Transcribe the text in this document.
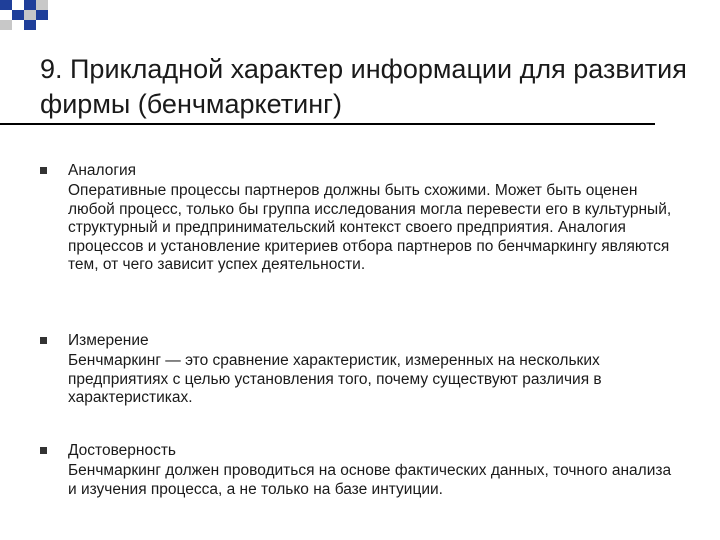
9. Прикладной характер информации для развития фирмы (бенчмаркетинг)

Аналогия

Оперативные процессы партнеров должны быть схожими. Может быть оценен любой процесс, только бы группа исследования могла перевести его в культурный, структурный и предпринимательский контекст своего предприятия. Аналогия процессов и установление критериев отбора партнеров по бенчмаркингу являются тем, от чего зависит успех деятельности.

Измерение

Бенчмаркинг — это сравнение характеристик, измеренных на нескольких предприятиях с целью установления того, почему существуют различия в характеристиках.

Достоверность

Бенчмаркинг должен проводиться на основе фактических данных, точного анализа и изучения процесса, а не только на базе интуиции.
